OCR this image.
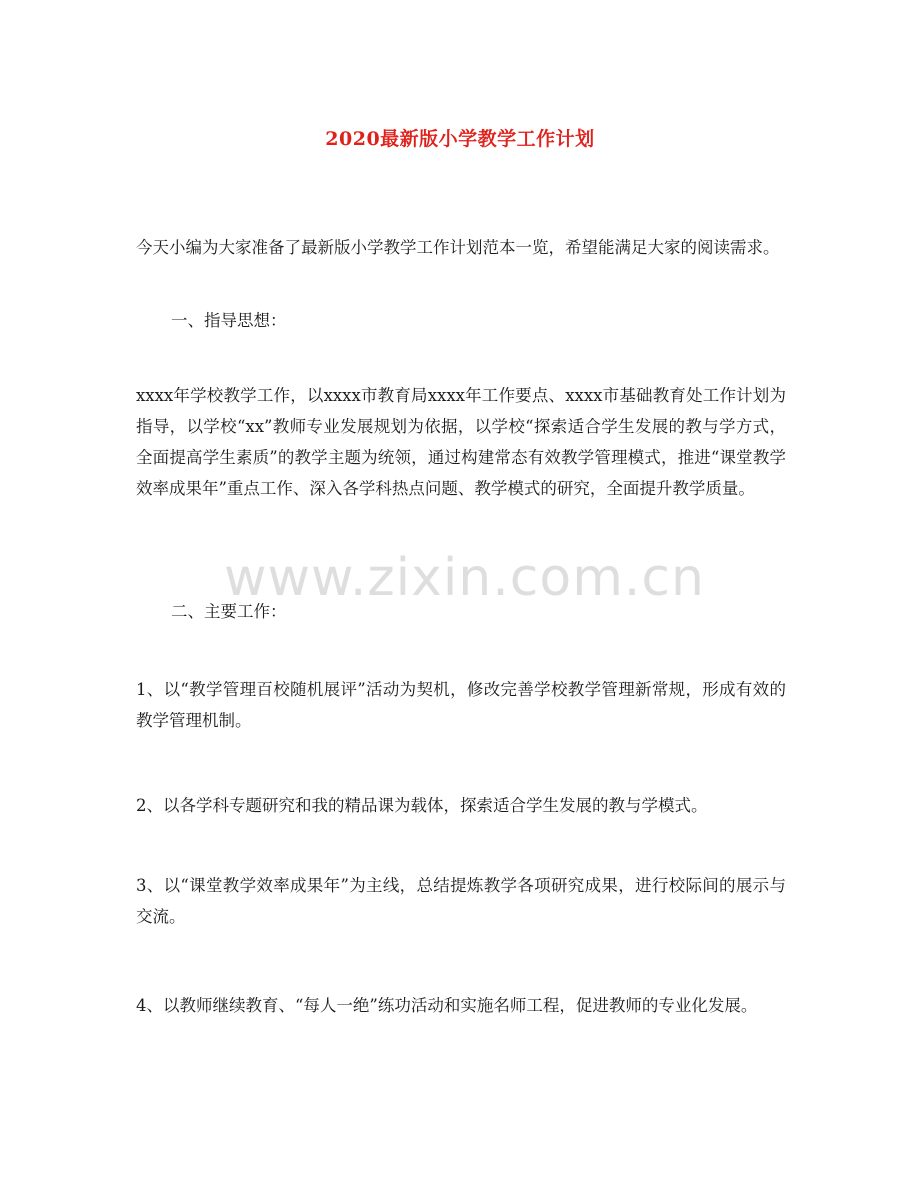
2020最新版小学教学工作计划
今天小编为大家准备了最新版小学教学工作计划范本一览，希望能满足大家的阅读需求。
一、指导思想：
xxxx年学校教学工作，以xxxx市教育局xxxx年工作要点、xxxx市基础教育处工作计划为指导，以学校“xx”教师专业发展规划为依据，以学校“探索适合学生发展的教与学方式，全面提高学生素质”的教学主题为统领，通过构建常态有效教学管理模式，推进“课堂教学效率成果年”重点工作、深入各学科热点问题、教学模式的研究，全面提升教学质量。
二、主要工作：
1、以“教学管理百校随机展评”活动为契机，修改完善学校教学管理新常规，形成有效的教学管理机制。
2、以各学科专题研究和我的精品课为载体，探索适合学生发展的教与学模式。
3、以“课堂教学效率成果年”为主线，总结提炼教学各项研究成果，进行校际间的展示与交流。
4、以教师继续教育、“每人一绝”练功活动和实施名师工程，促进教师的专业化发展。
www.zixin.com.cn
